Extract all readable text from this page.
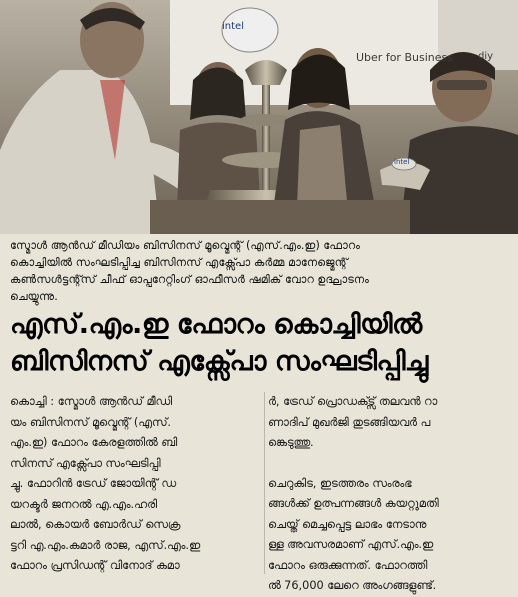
intel
Uber for Business	diy
intel

സ്മോൾ ആൻഡ് മീഡിയം ബിസിനസ് മൂവ്മെന്റ് (എസ്.എം.ഇ) ഫോറം

കൊച്ചിയിൽ സംഘടിപ്പിച്ച ബിസിനസ് എക്സ്പോ കർമ്മ മാനേജ്മെന്റ്

കൺസൾട്ടന്റ്സ് ചീഫ് ഓപ്പറേറ്റിംഗ് ഓഫീസർ ഷമിക് വോറ ഉദ്ഘാടനം

ചെയ്യുന്നു.

എസ്.എം.ഇ ഫോറം കൊച്ചിയിൽ

ബിസിനസ് എക്സ്പോ സംഘടിപ്പിച്ചു

കൊച്ചി : സ്മോൾ ആൻഡ് മീഡി

യം ബിസിനസ് മൂവ്മെന്റ് (എസ്.

എം.ഇ) ഫോറം കേരളത്തിൽ ബി

സിനസ് എക്സ്പോ സംഘടിപ്പി

ച്ചു. ഫോറിൻ ട്രേഡ് ജോയിന്റ് ഡ

യറക്ടർ ജനറൽ എ.എം.ഹരി

ലാൽ, കൊയർ ബോർഡ് സെക്ര

ട്ടറി എ.എം.കമാർ രാജ, എസ്.എം.ഇ

ഫോറം പ്രസിഡന്റ് വിനോദ് കമാ

ർ, ട്രേഡ് പ്രൊഡക്ട്സ് തലവൻ റാ

ണാദിപ് മുഖർജി തുടങ്ങിയവർ പ

ങ്കെടുത്തു.

ചെറുകിട, ഇടത്തരം സംരംഭ

ങ്ങൾക്ക് ഉത്പന്നങ്ങൾ കയറ്റുമതി

ചെയ്ത് മെച്ചപ്പെട്ട ലാഭം നേടാനു

ള്ള അവസരമാണ് എസ്.എം.ഇ

ഫോറം ഒരുക്കുന്നത്. ഫോറത്തി

ൽ 76,000 ലേറെ അംഗങ്ങളുണ്ട്.
